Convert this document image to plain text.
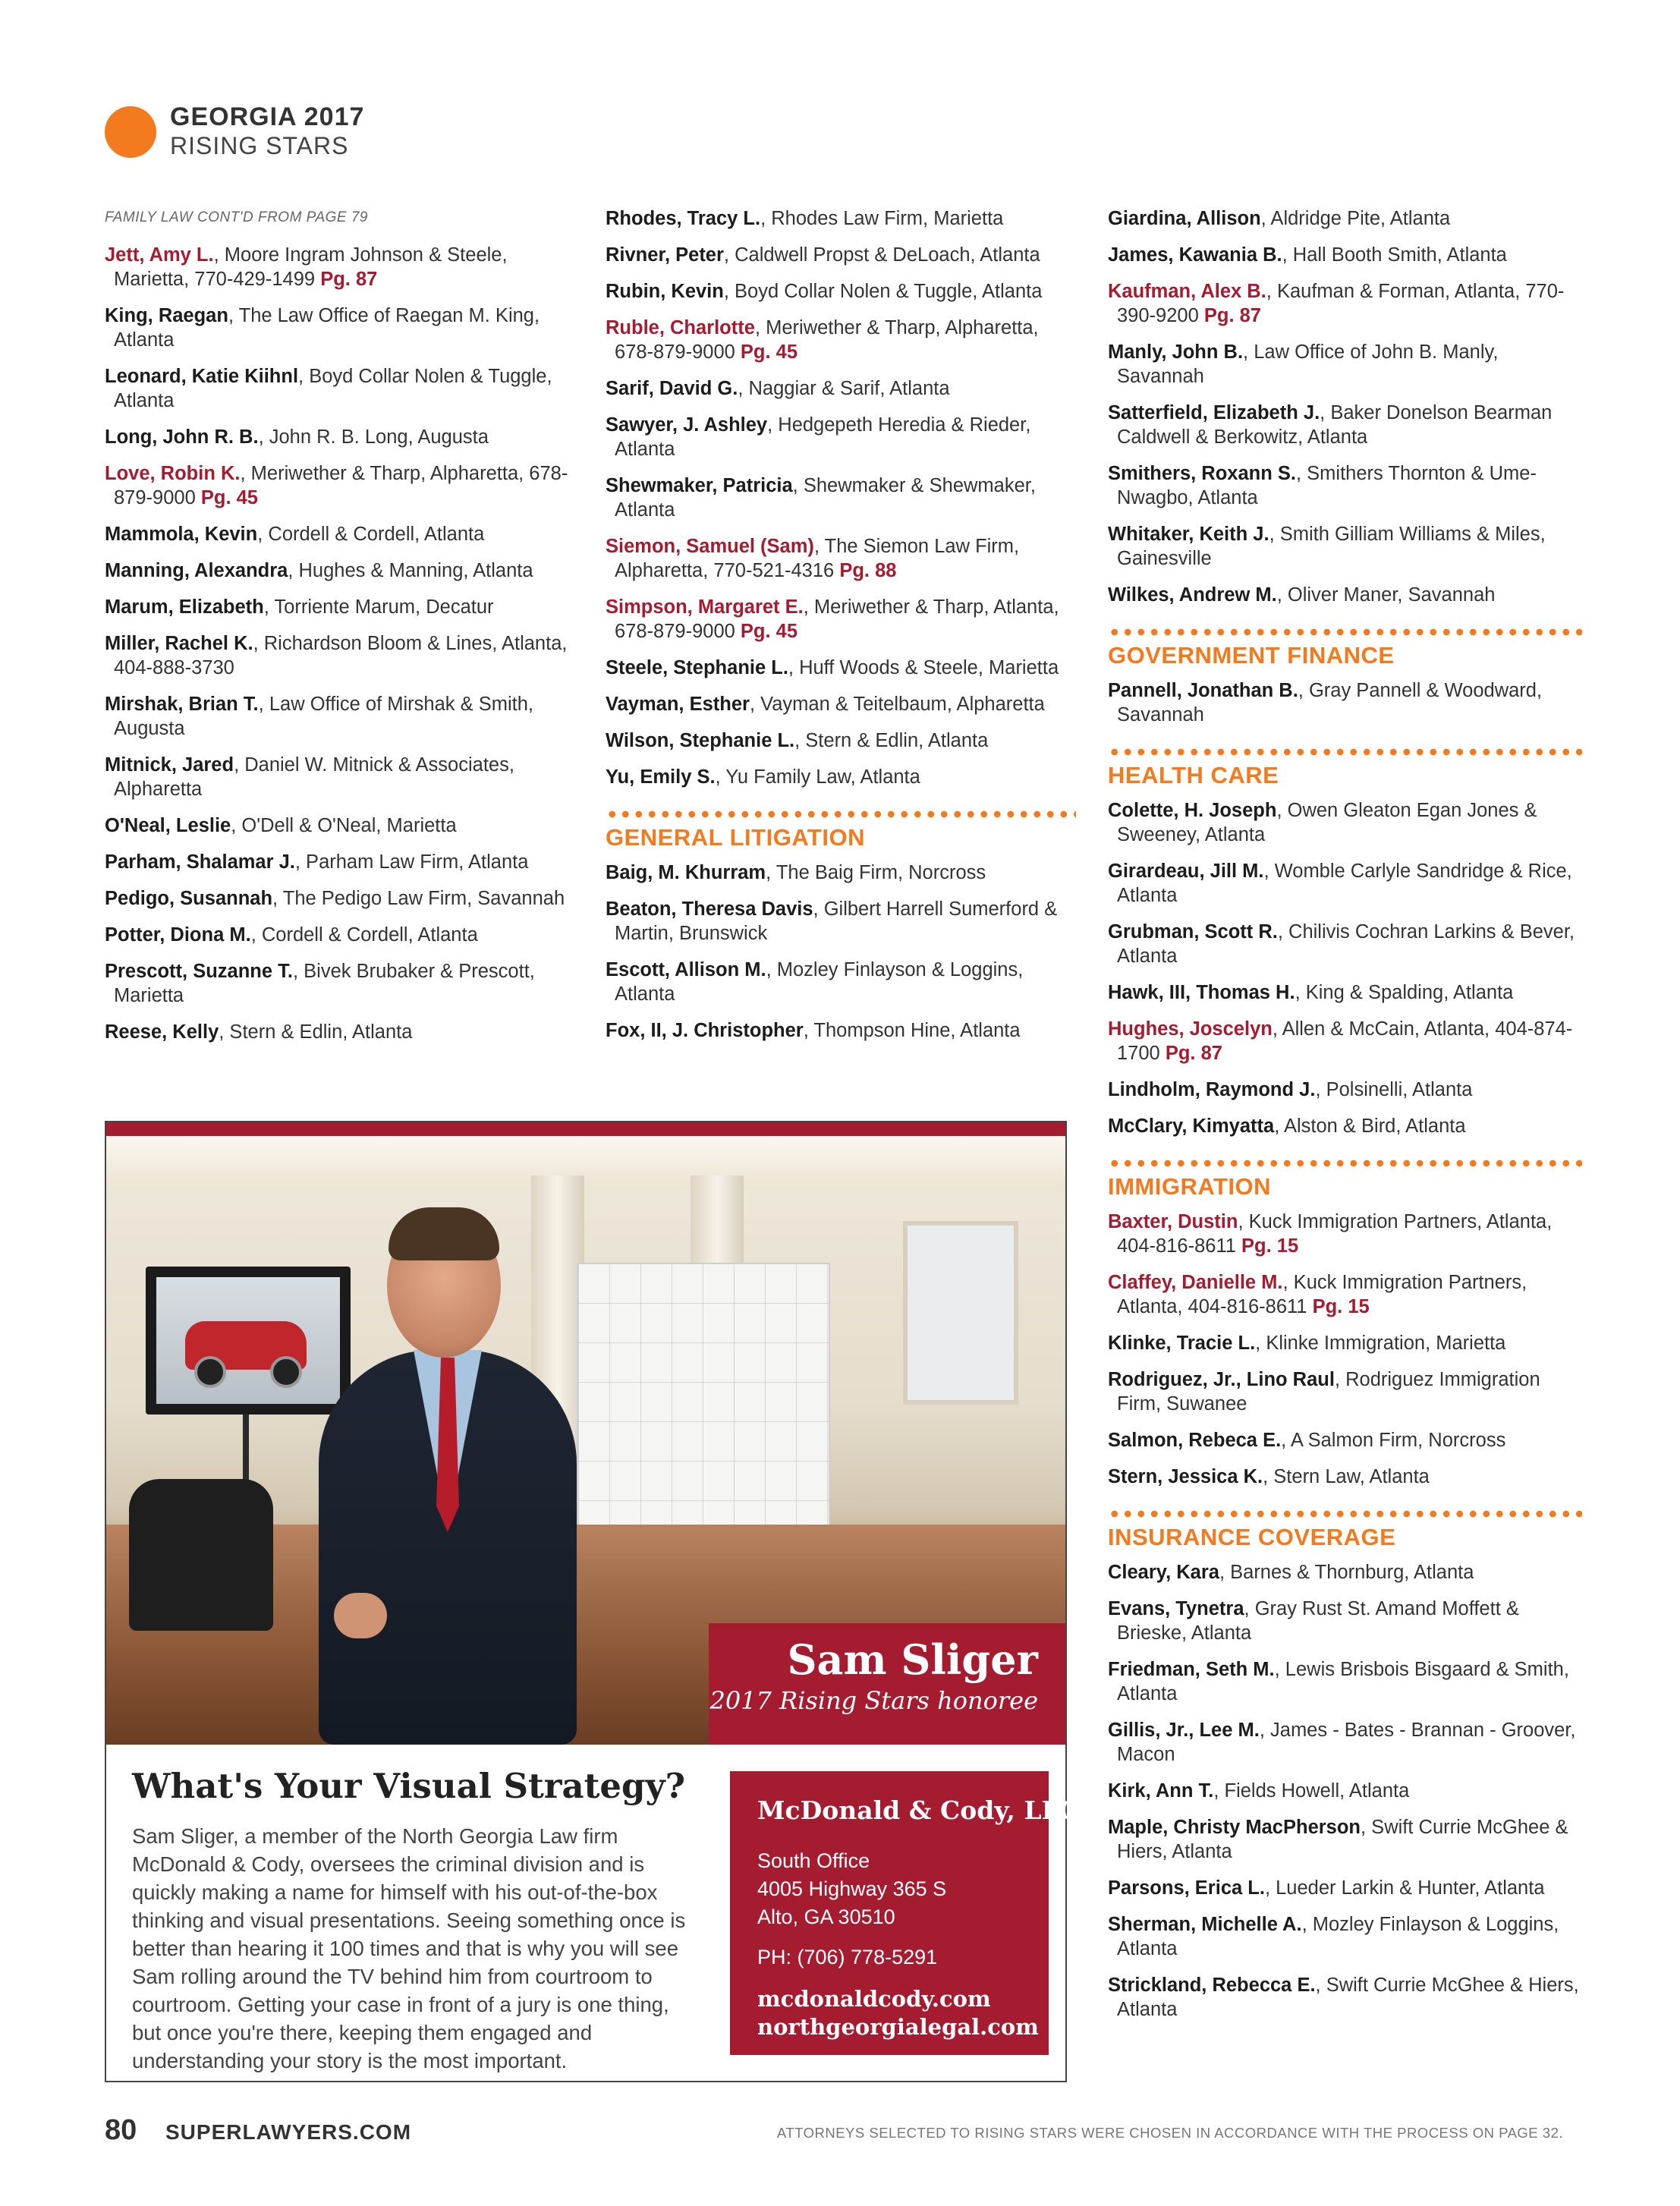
GEORGIA 2017
RISING STARS
FAMILY LAW CONT'D FROM PAGE 79
Jett, Amy L., Moore Ingram Johnson & Steele, Marietta, 770-429-1499 Pg. 87
King, Raegan, The Law Office of Raegan M. King, Atlanta
Leonard, Katie Kiihnl, Boyd Collar Nolen & Tuggle, Atlanta
Long, John R. B., John R. B. Long, Augusta
Love, Robin K., Meriwether & Tharp, Alpharetta, 678-879-9000 Pg. 45
Mammola, Kevin, Cordell & Cordell, Atlanta
Manning, Alexandra, Hughes & Manning, Atlanta
Marum, Elizabeth, Torriente Marum, Decatur
Miller, Rachel K., Richardson Bloom & Lines, Atlanta, 404-888-3730
Mirshak, Brian T., Law Office of Mirshak & Smith, Augusta
Mitnick, Jared, Daniel W. Mitnick & Associates, Alpharetta
O'Neal, Leslie, O'Dell & O'Neal, Marietta
Parham, Shalamar J., Parham Law Firm, Atlanta
Pedigo, Susannah, The Pedigo Law Firm, Savannah
Potter, Diona M., Cordell & Cordell, Atlanta
Prescott, Suzanne T., Bivek Brubaker & Prescott, Marietta
Reese, Kelly, Stern & Edlin, Atlanta
Rhodes, Tracy L., Rhodes Law Firm, Marietta
Rivner, Peter, Caldwell Propst & DeLoach, Atlanta
Rubin, Kevin, Boyd Collar Nolen & Tuggle, Atlanta
Ruble, Charlotte, Meriwether & Tharp, Alpharetta, 678-879-9000 Pg. 45
Sarif, David G., Naggiar & Sarif, Atlanta
Sawyer, J. Ashley, Hedgepeth Heredia & Rieder, Atlanta
Shewmaker, Patricia, Shewmaker & Shewmaker, Atlanta
Siemon, Samuel (Sam), The Siemon Law Firm, Alpharetta, 770-521-4316 Pg. 88
Simpson, Margaret E., Meriwether & Tharp, Atlanta, 678-879-9000 Pg. 45
Steele, Stephanie L., Huff Woods & Steele, Marietta
Vayman, Esther, Vayman & Teitelbaum, Alpharetta
Wilson, Stephanie L., Stern & Edlin, Atlanta
Yu, Emily S., Yu Family Law, Atlanta
GENERAL LITIGATION
Baig, M. Khurram, The Baig Firm, Norcross
Beaton, Theresa Davis, Gilbert Harrell Sumerford & Martin, Brunswick
Escott, Allison M., Mozley Finlayson & Loggins, Atlanta
Fox, II, J. Christopher, Thompson Hine, Atlanta
Giardina, Allison, Aldridge Pite, Atlanta
James, Kawania B., Hall Booth Smith, Atlanta
Kaufman, Alex B., Kaufman & Forman, Atlanta, 770-390-9200 Pg. 87
Manly, John B., Law Office of John B. Manly, Savannah
Satterfield, Elizabeth J., Baker Donelson Bearman Caldwell & Berkowitz, Atlanta
Smithers, Roxann S., Smithers Thornton & Ume-Nwagbo, Atlanta
Whitaker, Keith J., Smith Gilliam Williams & Miles, Gainesville
Wilkes, Andrew M., Oliver Maner, Savannah
GOVERNMENT FINANCE
Pannell, Jonathan B., Gray Pannell & Woodward, Savannah
HEALTH CARE
Colette, H. Joseph, Owen Gleaton Egan Jones & Sweeney, Atlanta
Girardeau, Jill M., Womble Carlyle Sandridge & Rice, Atlanta
Grubman, Scott R., Chilivis Cochran Larkins & Bever, Atlanta
Hawk, III, Thomas H., King & Spalding, Atlanta
Hughes, Joscelyn, Allen & McCain, Atlanta, 404-874-1700 Pg. 87
Lindholm, Raymond J., Polsinelli, Atlanta
McClary, Kimyatta, Alston & Bird, Atlanta
IMMIGRATION
Baxter, Dustin, Kuck Immigration Partners, Atlanta, 404-816-8611 Pg. 15
Claffey, Danielle M., Kuck Immigration Partners, Atlanta, 404-816-8611 Pg. 15
Klinke, Tracie L., Klinke Immigration, Marietta
Rodriguez, Jr., Lino Raul, Rodriguez Immigration Firm, Suwanee
Salmon, Rebeca E., A Salmon Firm, Norcross
Stern, Jessica K., Stern Law, Atlanta
INSURANCE COVERAGE
Cleary, Kara, Barnes & Thornburg, Atlanta
Evans, Tynetra, Gray Rust St. Amand Moffett & Brieske, Atlanta
Friedman, Seth M., Lewis Brisbois Bisgaard & Smith, Atlanta
Gillis, Jr., Lee M., James - Bates - Brannan - Groover, Macon
Kirk, Ann T., Fields Howell, Atlanta
Maple, Christy MacPherson, Swift Currie McGhee & Hiers, Atlanta
Parsons, Erica L., Lueder Larkin & Hunter, Atlanta
Sherman, Michelle A., Mozley Finlayson & Loggins, Atlanta
Strickland, Rebecca E., Swift Currie McGhee & Hiers, Atlanta
Sam Sliger
2017 Rising Stars honoree
What's Your Visual Strategy?
Sam Sliger, a member of the North Georgia Law firm McDonald & Cody, oversees the criminal division and is quickly making a name for himself with his out-of-the-box thinking and visual presentations. Seeing something once is better than hearing it 100 times and that is why you will see Sam rolling around the TV behind him from courtroom to courtroom. Getting your case in front of a jury is one thing, but once you're there, keeping them engaged and understanding your story is the most important.
McDonald & Cody, LLC
South Office
4005 Highway 365 S
Alto, GA 30510
PH: (706) 778-5291
mcdonaldcody.com
northgeorgialegal.com
80 SUPERLAWYERS.COM	ATTORNEYS SELECTED TO RISING STARS WERE CHOSEN IN ACCORDANCE WITH THE PROCESS ON PAGE 32.
